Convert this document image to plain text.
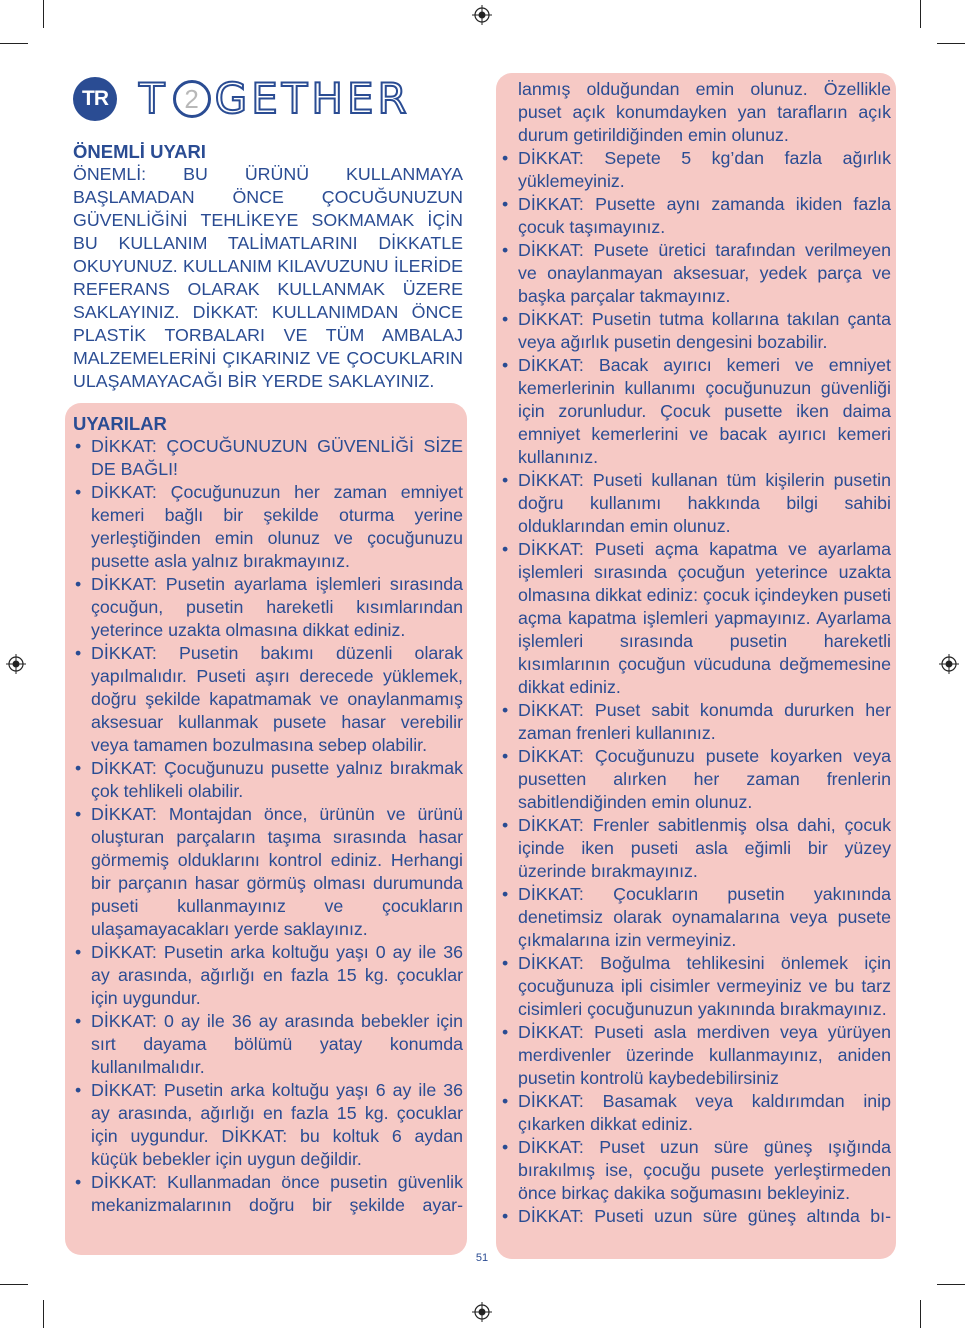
TR T 2 GETHER
ÖNEMLİ UYARI

ÖNEMLİ: BU ÜRÜNÜ KULLANMAYA BAŞLAMADAN ÖNCE ÇOCUĞUNUZUN GÜVENLİĞİNİ TEHLİKEYE SOKMAMAK İÇİN BU KULLANIM TALİMATLARINI DİKKATLE OKUYUNUZ. KULLANIM KILAVUZUNU İLERİDE REFERANS OLARAK KULLANMAK ÜZERE SAKLAYINIZ. DİKKAT: KULLANIMDAN ÖNCE PLASTİK TORBALARI VE TÜM AMBALAJ MALZEMELERİNİ ÇIKARINIZ VE ÇOCUKLARIN ULAŞAMAYACAĞI BİR YERDE SAKLAYINIZ.

UYARILAR
• DİKKAT: ÇOCUĞUNUZUN GÜVENLİĞİ SİZE DE BAĞLI!
• DİKKAT: Çocuğunuzun her zaman emniyet kemeri bağlı bir şekilde oturma yerine yerleştiğinden emin olunuz ve çocuğunuzu pusette asla yalnız bırakmayınız.
• DİKKAT: Pusetin ayarlama işlemleri sırasında çocuğun, pusetin hareketli kısımlarından yeterince uzakta olmasına dikkat ediniz.
• DİKKAT: Pusetin bakımı düzenli olarak yapılmalıdır. Puseti aşırı derecede yüklemek, doğru şekilde kapatmamak ve onaylanmamış aksesuar kullanmak pusete hasar verebilir veya tamamen bozulmasına sebep olabilir.
• DİKKAT: Çocuğunuzu pusette yalnız bırakmak çok tehlikeli olabilir.
• DİKKAT: Montajdan önce, ürünün ve ürünü oluşturan parçaların taşıma sırasında hasar görmemiş olduklarını kontrol ediniz. Herhangi bir parçanın hasar görmüş olması durumunda puseti kullanmayınız ve çocukların ulaşamayacakları yerde saklayınız.
• DİKKAT: Pusetin arka koltuğu yaşı 0 ay ile 36 ay arasında, ağırlığı en fazla 15 kg. çocuklar için uygundur.
• DİKKAT: 0 ay ile 36 ay arasında bebekler için sırt dayama bölümü yatay konumda kullanılmalıdır.
• DİKKAT: Pusetin arka koltuğu yaşı 6 ay ile 36 ay arasında, ağırlığı en fazla 15 kg. çocuklar için uygundur. DİKKAT: bu koltuk 6 aydan küçük bebekler için uygun değildir.
• DİKKAT: Kullanmadan önce pusetin güvenlik mekanizmalarının doğru bir şekilde ayar-

lanmış olduğundan emin olunuz. Özellikle puset açık konumdayken yan tarafların açık durum getirildiğinden emin olunuz.

• DİKKAT: Sepete 5 kg’dan fazla ağırlık yüklemeyiniz.
• DİKKAT: Pusette aynı zamanda ikiden fazla çocuk taşımayınız.
• DİKKAT: Pusete üretici tarafından verilmeyen ve onaylanmayan aksesuar, yedek parça ve başka parçalar takmayınız.
• DİKKAT: Pusetin tutma kollarına takılan çanta veya ağırlık pusetin dengesini bozabilir.
• DİKKAT: Bacak ayırıcı kemeri ve emniyet kemerlerinin kullanımı çocuğunuzun güvenliği için zorunludur. Çocuk pusette iken daima emniyet kemerlerini ve bacak ayırıcı kemeri kullanınız.
• DİKKAT: Puseti kullanan tüm kişilerin pusetin doğru kullanımı hakkında bilgi sahibi olduklarından emin olunuz.
• DİKKAT: Puseti açma kapatma ve ayarlama işlemleri sırasında çocuğun yeterince uzakta olmasına dikkat ediniz: çocuk içindeyken puseti açma kapatma işlemleri yapmayınız. Ayarlama işlemleri sırasında pusetin hareketli kısımlarının çocuğun vücuduna değmemesine dikkat ediniz.
• DİKKAT: Puset sabit konumda dururken her zaman frenleri kullanınız.
• DİKKAT: Çocuğunuzu pusete koyarken veya pusetten alırken her zaman frenlerin sabitlendiğinden emin olunuz.
• DİKKAT: Frenler sabitlenmiş olsa dahi, çocuk içinde iken puseti asla eğimli bir yüzey üzerinde bırakmayınız.
• DİKKAT: Çocukların pusetin yakınında denetimsiz olarak oynamalarına veya pusete çıkmalarına izin vermeyiniz.
• DİKKAT: Boğulma tehlikesini önlemek için çocuğunuza ipli cisimler vermeyiniz ve bu tarz cisimleri çocuğunuzun yakınında bırakmayınız.
• DİKKAT: Puseti asla merdiven veya yürüyen merdivenler üzerinde kullanmayınız, aniden pusetin kontrolü kaybedebilirsiniz
• DİKKAT: Basamak veya kaldırımdan inip çıkarken dikkat ediniz.
• DİKKAT: Puset uzun süre güneş ışığında bırakılmış ise, çocuğu pusete yerleştirmeden önce birkaç dakika soğumasını bekleyiniz.
• DİKKAT: Puseti uzun süre güneş altında bı-
51
